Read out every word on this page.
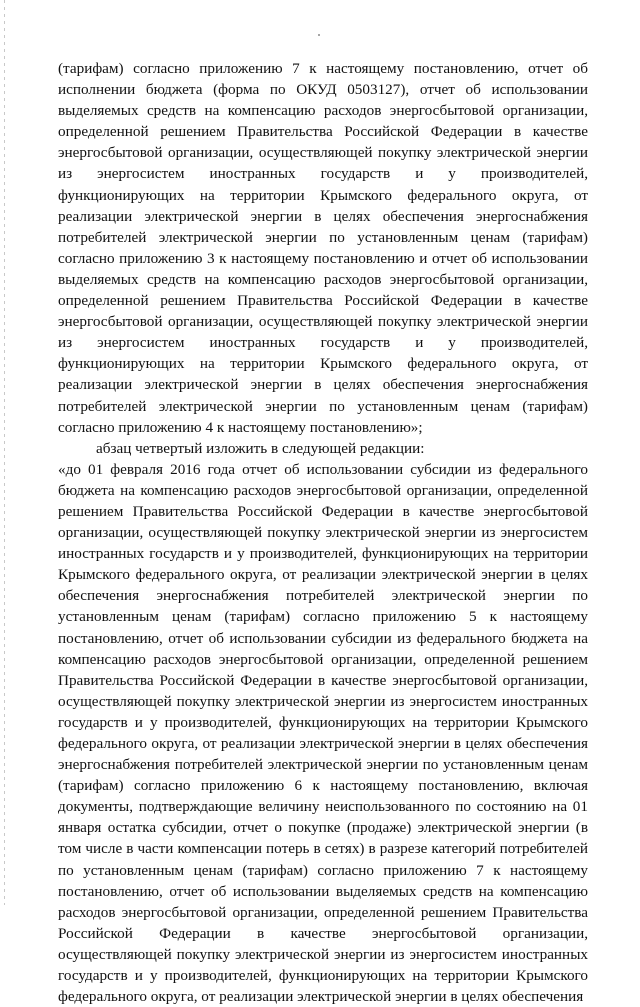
(тарифам) согласно приложению 7 к настоящему постановлению, отчет об исполнении бюджета (форма по ОКУД 0503127), отчет об использовании выделяемых средств на компенсацию расходов энергосбытовой организации, определенной решением Правительства Российской Федерации в качестве энергосбытовой организации, осуществляющей покупку электрической энергии из энергосистем иностранных государств и у производителей, функционирующих на территории Крымского федерального округа, от реализации электрической энергии в целях обеспечения энергоснабжения потребителей электрической энергии по установленным ценам (тарифам) согласно приложению 3 к настоящему постановлению и отчет об использовании выделяемых средств на компенсацию расходов энергосбытовой организации, определенной решением Правительства Российской Федерации в качестве энергосбытовой организации, осуществляющей покупку электрической энергии из энергосистем иностранных государств и у производителей, функционирующих на территории Крымского федерального округа, от реализации электрической энергии в целях обеспечения энергоснабжения потребителей электрической энергии по установленным ценам (тарифам) согласно приложению 4 к настоящему постановлению»;

абзац четвертый изложить в следующей редакции:

«до 01 февраля 2016 года отчет об использовании субсидии из федерального бюджета на компенсацию расходов энергосбытовой организации, определенной решением Правительства Российской Федерации в качестве энергосбытовой организации, осуществляющей покупку электрической энергии из энергосистем иностранных государств и у производителей, функционирующих на территории Крымского федерального округа, от реализации электрической энергии в целях обеспечения энергоснабжения потребителей электрической энергии по установленным ценам (тарифам) согласно приложению 5 к настоящему постановлению, отчет об использовании субсидии из федерального бюджета на компенсацию расходов энергосбытовой организации, определенной решением Правительства Российской Федерации в качестве энергосбытовой организации, осуществляющей покупку электрической энергии из энергосистем иностранных государств и у производителей, функционирующих на территории Крымского федерального округа, от реализации электрической энергии в целях обеспечения энергоснабжения потребителей электрической энергии по установленным ценам (тарифам) согласно приложению 6 к настоящему постановлению, включая документы, подтверждающие величину неиспользованного по состоянию на 01 января остатка субсидии, отчет о покупке (продаже) электрической энергии (в том числе в части компенсации потерь в сетях) в разрезе категорий потребителей по установленным ценам (тарифам) согласно приложению 7 к настоящему постановлению, отчет об использовании выделяемых средств на компенсацию расходов энергосбытовой организации, определенной решением Правительства Российской Федерации в качестве энергосбытовой организации, осуществляющей покупку электрической энергии из энергосистем иностранных государств и у производителей, функционирующих на территории Крымского федерального округа, от реализации электрической энергии в целях обеспечения
